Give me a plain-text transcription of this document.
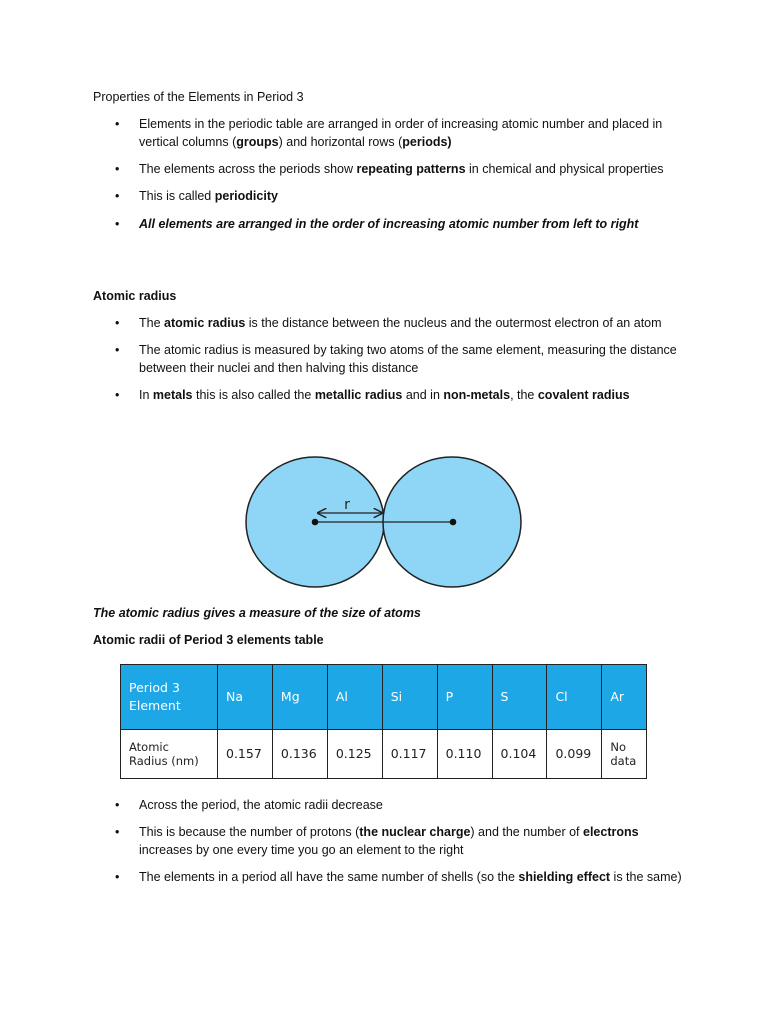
Properties of the Elements in Period 3
• Elements in the periodic table are arranged in order of increasing atomic number and placed in vertical columns (groups) and horizontal rows (periods)
• The elements across the periods show repeating patterns in chemical and physical properties
• This is called periodicity
• All elements are arranged in the order of increasing atomic number from left to right
Atomic radius
• The atomic radius is the distance between the nucleus and the outermost electron of an atom
• The atomic radius is measured by taking two atoms of the same element, measuring the distance between their nuclei and then halving this distance
• In metals this is also called the metallic radius and in non-metals, the covalent radius
r

The atomic radius gives a measure of the size of atoms

Atomic radii of Period 3 elements table

Period 3
Element	Na	Mg	Al	Si	P	S	Cl	Ar
Atomic
Radius (nm)	0.157	0.136	0.125	0.117	0.110	0.104	0.099	No
data
• Across the period, the atomic radii decrease
• This is because the number of protons (the nuclear charge) and the number of electrons increases by one every time you go an element to the right
• The elements in a period all have the same number of shells (so the shielding effect is the same)
